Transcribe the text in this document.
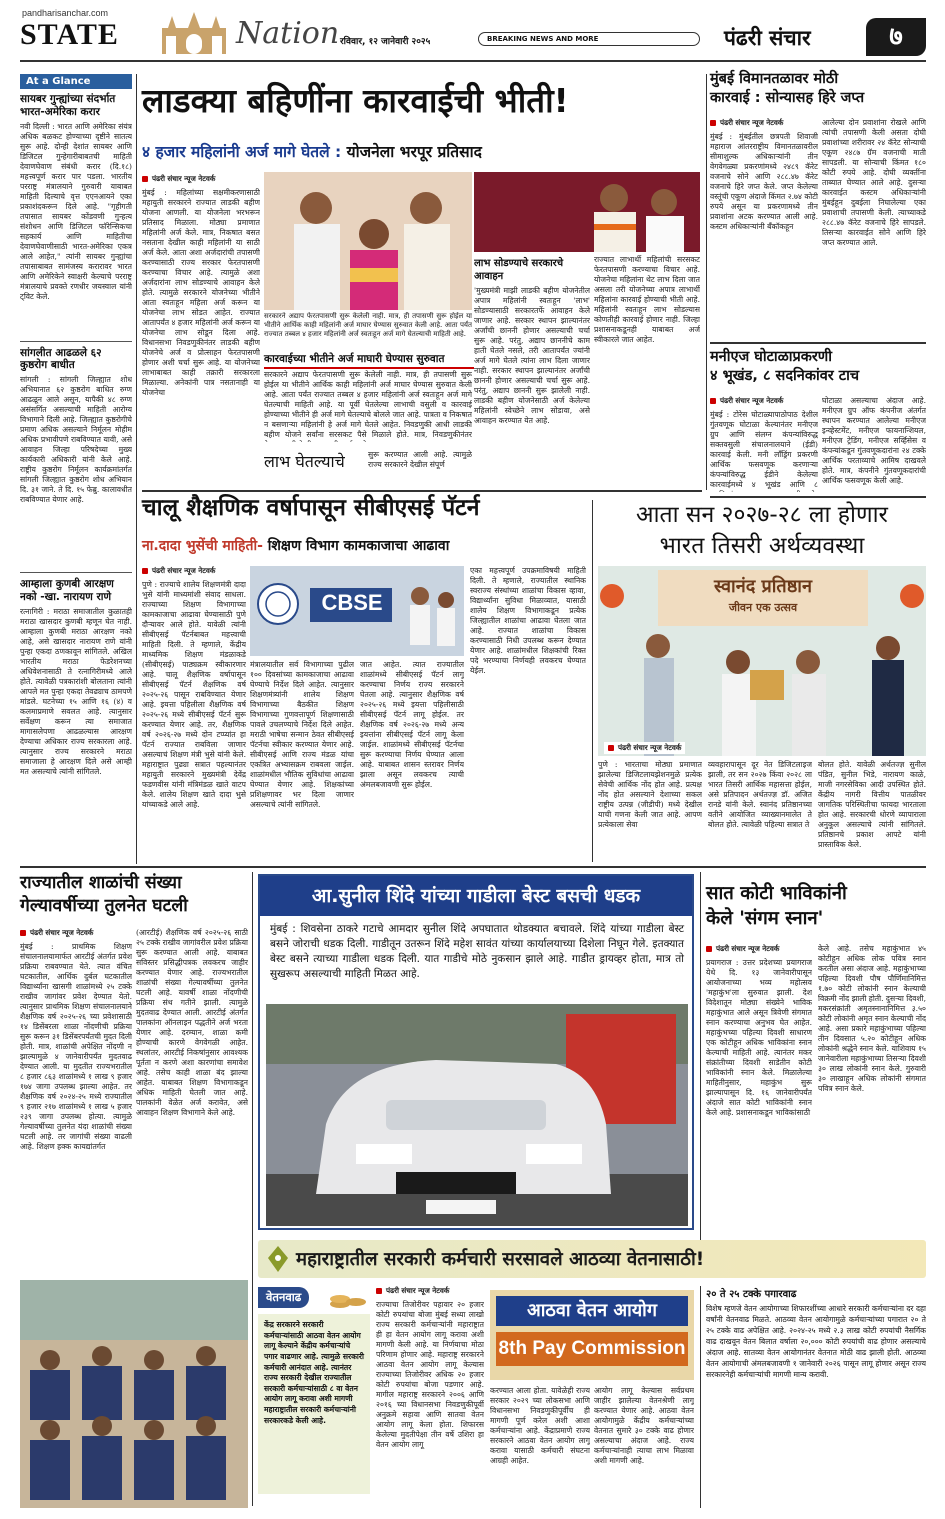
pandharisanchar.com
STATE	Nation रविवार, १२ जानेवारी २०२५	BREAKING NEWS AND MORE	पंढरी संचार	७
At a Glance
सायबर गुन्ह्यांच्या संदर्भात भारत-अमेरिका करार
नवी दिल्ली : भारत आणि अमेरिका संयंत्र अधिक बळकट होण्याच्या दृष्टीने सातत्य सुरू आहे. दोन्ही देशांत सायबर आणि डिजिटल गुन्हेगारीबाबतची माहिती देवाणघेवाण संबंधी करार (दि.१८) महत्त्वपूर्ण करार पार पडला. भारतीय परराष्ट्र मंत्रालयाने गुरुवारी याबाबत माहिती दिल्याचे वृत्त एएनआयने एका प्रकाशंदकरून दिले आहे. "गृहीगती तपासात सायबर कोंडवणी गुन्हत्य संशोधन आणि डिजिटल फॉरेन्सिकचा सहकार्य आणि माहितीचा देवाणघेवाणीसाठी भारत-अमेरिका एकत्र आले आहेत," त्यांनी सायबर गुन्ह्यांचा तपासाबाबत सामंजस्य करारावर भारत आणि अमेरिकेने स्वाक्षरी केल्याचे परराष्ट्र मंत्रालयाचे प्रवक्ते रणधीर जयस्वाल यांनी ट्विट केले.
सांगलीत आढळले ६२ कुष्ठरोग बाधीत
सांगली : सांगली जिल्ह्यात शोध अभियानात ६२ कुष्ठरोग बाधित रुग्ण आढळून आले असून, यापैकी ४८ रुग्ण असंसर्गित असल्याची माहिती आरोग्य विभागाने दिली आहे. जिल्ह्यात कुष्ठरोगीचे प्रमाण अधिक असल्याने निर्मूलन मोहीम अधिक प्रभावीपणे राबविण्यात यावी, असे आवाहन जिल्हा परिषदेच्या मुख्य कार्यकारी अधिकारी यांनी केले आहे. राष्ट्रीय कुष्ठरोग निर्मूलन कार्यक्रमांतर्गत सांगली जिल्ह्यात कुष्ठरोग शोध अभियान दि. ३१ जाने. ते दि. १५ फेब्रु. कालावधीत राबविण्यात येणार आहे.
आम्हाला कुणबी आरक्षण नको -खा. नारायण राणे
रत्नागिरी : मराठा समाजातील कुळातही मराठा खासदार कुणबी म्हणून घेत नाही. आम्हाला कुणबी मराठा आरक्षण नको आहे, असे खासदार नारायण राणे यांनी पुन्हा एकदा ठणकावून सांगितले. अखिल भारतीय मराठा फेडरेशनच्या अधिवेशनासाठी ते रत्नागिरीमध्ये आले होते. त्यावेळी पत्रकारांशी बोलताना त्यांनी आपले मत पुन्हा एकदा तेवढ्याच ठामपणे मांडले. घटनेच्या १५ आणि १६ (४) व कलमाप्रमाणे सवलत आहे. त्यानुसार सर्वेक्षण करून त्या समाजात मागासलेपणा आढळल्यास आरक्षण देण्याचा अधिकार राज्य सरकारला आहे. त्यानुसार राज्य सरकारने मराठा समाजाला हे आरक्षण दिले असे आम्ही मत असल्याचे त्यांनी सांगितले.
लाडक्या बहिणींना कारवाईची भीती!
४ हजार महिलांनी अर्ज मागे घेतले : योजनेला भरपूर प्रतिसाद
पंढरी संचार न्यूज नेटवर्क
मुंबई : महिलांच्या सक्षमीकरणासाठी महायुती सरकारने राज्यात लाडकी बहीण योजना आणली. या योजनेला भरभरून प्रतिसाद मिळाला. मोठ्या प्रमाणात महिलांनी अर्ज केले. मात्र, निकषात बसत नसताना देखील काही महिलांनी या साठी अर्ज केले. आता अशा अर्जदारांची तपासणी करण्यासाठी राज्य सरकार फेरतपासणी करण्याचा विचार आहे. त्यामुळे अशा अर्जदारांना लाभ सोडण्याचे आवाहन केले होते. त्यामुळे सरकारने योजनेच्या भीतीने आता स्वतःहून महिला अर्ज करून या योजनेचा लाभ सोडत आहेत. राज्यात आतापर्यंत ४ हजार महिलांनी अर्ज करून या योजनेचा लाभ सोडून दिला आहे. विधानसभा निवडणुकीनंतर लाडकी बहीण योजनेचे अर्ज व प्रोत्साहन फेरतपासणी होणार अशी चर्चा सुरू आहे. या योजनेच्या लाभाबाबत काही तक्रारी सरकारला मिळाल्या. अनेकांनी पात्र नसतानाही या योजनेचा
लाभ सोडण्याचे सरकारचे आवाहन
'मुख्यमंत्री माझी लाडकी बहीण योजनेतील अपात्र महिलांनी स्वतःहून 'लाभ' सोडण्यासाठी सरकारतर्फे आवाहन केले जाणार आहे. सरकार स्थापन झाल्यानंतर अर्जांची छाननी होणार असल्याची चर्चा सुरू आहे. परंतु, अद्याप छाननीचे काम हाती घेतले नसले, तरी आतापर्यंत ज्यांनी अर्ज मागे घेतले त्यांना लाभ दिला जाणार नाही. सरकार स्थापन झाल्यानंतर अर्जांची छाननी होणार असल्याची चर्चा सुरू आहे. परंतु, अद्याप छाननी सुरू झालेली नाही. लाडकी बहीण योजनेसाठी अर्ज केलेल्या महिलांनी स्वेच्छेने लाभ सोडावा, असे आवाहन करण्यात येत आहे.
राज्यात लाभार्थी महिलांची सरसकट फेरतपासणी करण्याचा विचार आहे. योजनेचा महिलांना थेट लाभ दिला जात असला तरी योजनेच्या अपात्र लाभार्थी महिलांना कारवाई होण्याची भीती आहे. महिलांनी स्वतःहून लाभ सोडल्यास कोणतीही कारवाई होणार नाही. जिल्हा प्रशासनाकडूनही याबाबत अर्ज स्वीकारले जात आहेत.
सरकारने अद्याप फेरतपासणी सुरू केलेली नाही. मात्र, ही तपासणी सुरू होईल या भीतीने आर्थिक काही महिलांनी अर्ज माघार घेण्यास सुरुवात केली आहे. आता पर्यंत राज्यात तब्बल ४ हजार महिलांनी अर्ज स्वतःहून अर्ज मागे घेतल्याची माहिती आहे.
कारवाईच्या भीतीने अर्ज माघारी घेण्यास सुरुवात
सरकारने अद्याप फेरतपासणी सुरू केलेली नाही. मात्र, ही तपासणी सुरू होईल या भीतीने आर्थिक काही महिलांनी अर्ज माघार घेण्यास सुरुवात केली आहे. आता पर्यंत राज्यात तब्बल ४ हजार महिलांनी अर्ज स्वतःहून अर्ज मागे घेतल्याची माहिती आहे. या पूर्वी घेतलेल्या लाभाची वसुली व कारवाई होण्याच्या भीतीने ही अर्ज मागे घेतल्याचे बोलले जात आहे. पात्रता व निकषात न बसणाऱ्या महिलांनी हे अर्ज मागे घेतले आहेत. निवडणुकी आधी लाडकी बहीण योजने सर्वांना सरसकट पैसे मिळाले होते. मात्र, निवडणुकीनंतर
लाभ घेतल्याचे	सुरू करण्यात आली आहे. त्यामुळे राज्य सरकारने देखील संपूर्ण
मुंबई विमानतळावर मोठी
कारवाई : सोन्यासह हिरे जप्त
पंढरी संचार न्यूज नेटवर्क
मुंबई : मुंबईतील छत्रपती शिवाजी महाराज आंतरराष्ट्रीय विमानतळावरील सीमाशुल्क अधिकाऱ्यांनी तीन वेगवेगळ्या प्रकरणांमध्ये २४८९ कॅरेट वजनाचे सोने आणि २८८.४७ कॅरेट वजनाचे हिरे जप्त केले. जप्त केलेल्या वस्तूंची एकूण अंदाजे किंमत २.७४ कोटी रुपये असून या प्रकरणामध्ये तीन प्रवाशांना अटक करण्यात आली आहे. कस्टम अधिकाऱ्यांनी बँकॉकहून
आलेल्या दोन प्रवाशांना रोखले आणि त्यांची तपासणी केली असता दोघी प्रवाशांच्या शरीरावर २४ कॅरेट सोन्याची एकूण २४८७ ग्रॅम वजनाची माती सापडली. या सोन्याची किंमत १८० कोटी रुपये आहे. दोघी व्यक्तींना ताब्यात घेण्यात आले आहे. दुसऱ्या कारवाईत कस्टम अधिकाऱ्यांनी मुंबईहून दुबईला निघालेल्या एका प्रवाशाची तपासणी केली. त्याच्याकडे २८८.४७ कॅरेट वजनाचे हिरे सापडले. तिसऱ्या कारवाईत सोने आणि हिरे जप्त करण्यात आले.
मनीएज घोटाळाप्रकरणी
४ भूखंड, ८ सदनिकांवर टाच
पंढरी संचार न्यूज नेटवर्क
मुंबई : टोरेस घोटाळ्यापाठोपाठ देशील गुंतवणूक घोटाळा केल्यानंतर मनीएज ग्रुप आणि संलग्न कंपन्यांविरुद्ध सक्तवसुली संचालनालयाने (ईडी) कारवाई केली. मनी लाँड्रिंग प्रकरणी आर्थिक फसवणूक करणाऱ्या कंपन्यांविरुद्ध ईडीने केलेल्या कारवाईमध्ये ४ भूखंड आणि ८
घोटाळा असल्याचा अंदाज आहे. मनीएज ग्रुप ऑफ कंपनीज अंतर्गत स्थापन करण्यात आलेल्या मनीएज इन्व्हेस्टमेंट, मनीएज फायनान्शियल, मनीएज ट्रेडिंग, मनीएज सर्व्हिसेस व कंपन्यांकडून गुंतवणूकदारांना २४ टक्के आर्थिक परताव्याचे आमिष दाखवले होते. मात्र, कंपनीने गुंतवणूकदारांची आर्थिक फसवणूक केली आहे.
चालू शैक्षणिक वर्षापासून सीबीएसई पॅटर्न
ना.दादा भुसेंची माहिती- शिक्षण विभाग कामकाजाचा आढावा
पंढरी संचार न्यूज नेटवर्क
पुणे : राज्याचे शालेय शिक्षणमंत्री दादा भुसे यांनी माध्यमांशी संवाद साधला. राज्याच्या शिक्षण विभागाच्या कामकाजाचा आढावा घेण्यासाठी पुणे दौऱ्यावर आले होते. यावेळी त्यांनी सीबीएसई पॅटर्नबाबत महत्त्वाची माहिती दिली. ते म्हणाले, केंद्रीय माध्यमिक शिक्षण मंडळाकडे (सीबीएसई) पाठ्यक्रम स्वीकारणार आहे. चालू शैक्षणिक वर्षापासून सीबीएसई पॅटर्न शैक्षणिक वर्ष २०२५-२६ पासून राबविण्यात येणार आहे. इयत्ता पहिलीला शैक्षणिक वर्ष २०२५-२६ मध्ये सीबीएसई पॅटर्न सुरू करण्यात येणार आहे. तर, शैक्षणिक वर्ष २०२६-२७ मध्ये दोन टप्प्यांत हा पॅटर्न राज्यात राबविला जाणार असल्याचं शिक्षण मंत्री भुसे यांनी केले. महाराष्ट्रात पुढ्या सत्रात पहल्यानंतर महायुती सरकारने मुख्यमंत्री देवेंद्र फडणवीस यांनी मंत्रिमंडळ खाते वाटप केले. शालेय शिक्षण खाते दादा भुसे यांच्याकडे आले आहे.
CBSE
मंत्रालयातील सर्व विभागाच्या पुढील १०० दिवसांच्या कामकाजाचा आढावा घेण्याचे निर्देश दिले आहेत. त्यानुसार शिक्षणमंत्र्यांनी शालेय शिक्षण विभागाच्या बैठकीत शिक्षण विभागाच्या गुणवत्तापूर्ण शिक्षणासाठी पावले उचलण्याचे निर्देश दिले आहेत. मराठी भाषेचा सन्मान ठेवत सीबीएसई पॅटर्नचा स्वीकार करण्यात येणार आहे. सीबीएसई आणि राज्य मंडळ यांचा एकत्रित अभ्यासक्रम राबवला जाईल. शाळांमधील भौतिक सुविधांचा आढावा घेण्यात येणार आहे. शिक्षकांच्या प्रशिक्षणावर भर दिला जाणार असल्याचे त्यांनी सांगितले.
जात आहेत. त्यात राज्यातील शाळांमध्ये सीबीएसई पॅटर्न लागू करण्याचा निर्णय राज्य सरकारने घेतला आहे. त्यानुसार शैक्षणिक वर्ष २०२५-२६ मध्ये इयत्ता पहिलीसाठी सीबीएसई पॅटर्न लागू होईल. तर शैक्षणिक वर्ष २०२६-२७ मध्ये अन्य इयत्तांना सीबीएसई पॅटर्न लागू केला जाईल. शाळांमध्ये सीबीएसई पॅटर्नचा सुरू करण्याचा निर्णय घेण्यात आला आहे. याबाबत शासन स्तरावर निर्णय झाला असून लवकरच त्याची अंमलबजावणी सुरू होईल.
एका महत्त्वपूर्ण उपक्रमाविषयी माहिती दिली. ते म्हणाले, राज्यातील स्थानिक स्वराज्य संस्थांच्या शाळांचा विकास व्हावा, विद्यार्थ्यांना सुविधा मिळाव्यात, यासाठी शालेय शिक्षण विभागाकडून प्रत्येक जिल्ह्यातील शाळांचा आढावा घेतला जात आहे. राज्यात शाळांचा विकास करण्यासाठी निधी उपलब्ध करून देण्यात येणार आहे. शाळांमधील शिक्षकांची रिक्त पदे भरण्याचा निर्णयही लवकरच घेण्यात येईल.
आता सन २०२७-२८ ला होणार
भारत तिसरी अर्थव्यवस्था
स्वानंद प्रतिष्ठान
जीवन एक उत्सव
पंढरी संचार न्यूज नेटवर्क
पुणे : भारताचा मोठ्या प्रमाणात झालेल्या डिजिटलायझेशनमुळे प्रत्येक सेवेची आर्थिक नोंद होत आहे. प्रत्यक्ष नोंद होत असल्याने देशाच्या सकल राष्ट्रीय उत्पन्न (जीडीपी) मध्ये देखील याची गणना केली जात आहे. आपण प्रत्येकाला सेवा
व्यवहारापासून दूर नेत डिजिटलाइज झाली, तर सन २०२७ किंवा २०२८ ला भारत तिसरी आर्थिक महासत्ता होईल, असे प्रतिपादन अर्थतज्ज्ञ डॉ. अजित रानडे यांनी केले. स्वानंद प्रतिष्ठानच्या वतीने आयोजित व्याख्यानमालेत ते बोलत होते. त्यावेळी पहिल्या सत्रात ते
बोलत होते. यावेळी अर्थतज्ज्ञ सुनील पंडित, सुनील भिडे, नारायण काळे, माजी नगरसेविका आदी उपस्थित होते. केंद्रीय नागरी वित्तीय पातळीवर जागतिक परिस्थितीचा फायदा भारताला होत आहे. सरकारची धोरणे व्यापाराला अनुकूल असल्याचे त्यांनी सांगितले. प्रतिष्ठानचे प्रकाश आपटे यांनी प्रास्ताविक केले.
राज्यातील शाळांची संख्या
गेल्यावर्षीच्या तुलनेत घटली
पंढरी संचार न्यूज नेटवर्क
मुंबई : प्राथमिक शिक्षण संचालनालयामार्फत आरटीई अंतर्गत प्रवेश प्रक्रिया राबवण्यात येते. त्यात वंचित घटकातील, आर्थिक दुर्बल घटकातील विद्यार्थ्यांना खासगी शाळांमध्ये २५ टक्के राखीव जागांवर प्रवेश देण्यात येतो. त्यानुसार प्राथमिक शिक्षण संचालनालयाने शैक्षणिक वर्ष २०२५-२६ च्या प्रवेशासाठी १४ डिसेंबरला शाळा नोंदणीची प्रक्रिया सुरू करून ३१ डिसेंबरपर्यंतची मुदत दिली होती. मात्र, शाळांची अपेक्षित नोंदणी न झाल्यामुळे ४ जानेवारीपर्यंत मुदतवाढ देण्यात आली. या मुदतीत राज्यभरातील ८ हजार ८६३ शाळांमध्ये १ लाख ९ हजार १७४ जागा उपलब्ध झाल्या आहेत. तर शैक्षणिक वर्ष २०२४-२५ मध्ये राज्यातील ९ हजार २१७ शाळांमध्ये १ लाख ५ हजार २३९ जागा उपलब्ध होत्या. त्यामुळे गेल्यावर्षीच्या तुलनेत यंदा शाळांची संख्या घटली आहे. तर जागांची संख्या वाढली आहे. शिक्षण हक्क कायद्यांतर्गत
(आरटीई) शैक्षणिक वर्ष २०२५-२६ साठी २५ टक्के राखीव जागांवरील प्रवेश प्रक्रिया सुरू करण्यात आली आहे. याबाबत सविस्तर प्रसिद्धीपत्रक लवकरच जाहीर करण्यात येणार आहे. राज्यभरातील शाळांची संख्या गेल्यावर्षीच्या तुलनेत घटली आहे. यावर्षी शाळा नोंदणीची प्रक्रिया संथ गतीने झाली. त्यामुळे मुदतवाढ देण्यात आली. आरटीई अंतर्गत पालकांना ऑनलाइन पद्धतीने अर्ज भरता येणार आहे. दरम्यान, शाळा कमी होण्याची कारणे वेगवेगळी आहेत. स्थलांतर, आरटीई निकषांनुसार आवश्यक पूर्तता न करणे अशा कारणांचा समावेश आहे. तसेच काही शाळा बंद झाल्या आहेत. याबाबत शिक्षण विभागाकडून अधिक माहिती घेतली जात आहे. पालकांनी वेळेत अर्ज करावेत, असे आवाहन शिक्षण विभागाने केले आहे.
आ.सुनील शिंदे यांच्या गाडीला बेस्ट बसची धडक
मुंबई : शिवसेना ठाकरे गटाचे आमदार सुनील शिंदे अपघातात थोडक्यात बचावले. शिंदे यांच्या गाडीला बेस्ट बसने जोराची धडक दिली. गाडीतून उतरून शिंदे महेश सावंत यांच्या कार्यालयाच्या दिशेला निघून गेले. इतक्यात बेस्ट बसने त्याच्या गाडीला धडक दिली. यात गाडीचे मोठे नुकसान झाले आहे. गाडीत ड्रायव्हर होता, मात्र तो सुखरूप असल्याची माहिती मिळत आहे.
सात कोटी भाविकांनी
केले 'संगम स्नान'
पंढरी संचार न्यूज नेटवर्क
प्रयागराज : उत्तर प्रदेशच्या प्रयागराज येथे दि. १३ जानेवारीपासून आयोजनाच्या भव्य महोत्सव 'महाकुंभ'ला सुरुवात झाली. देश विदेशातून मोठ्या संख्येने भाविक महाकुंभात आले असून त्रिवेणी संगमात स्नान करण्याचा अनुभव घेत आहेत. महाकुंभच्या पहिल्या दिवशी साधारण एक कोटीहून अधिक भाविकांना स्नान केल्याची माहिती आहे. त्यानंतर मकर संक्रांतीच्या दिवशी साडेतीन कोटी भाविकांनी स्नान केले. मिळालेल्या माहितीनुसार, महाकुंभ सुरू झाल्यापासून दि. १६ जानेवारीपर्यंत अंदाजे सात कोटी भाविकांनी स्नान केले आहे. प्रशासनाकडून भाविकांसाठी
केले आहे. तसेच महाकुंभात ४५ कोटीहून अधिक लोक पवित्र स्नान करतील असा अंदाज आहे. महाकुंभाच्या पहिल्या दिवशी पौष पौर्णिमानिमित्त १.७० कोटी लोकांनी स्नान केल्याची विक्रमी नोंद झाली होती. दुसऱ्या दिवशी, मकरसंक्रांती अमृतस्नानानिमित्त ३.५० कोटी लोकांनी अमृत स्नान केल्याची नोंद आहे. असा प्रकारे महाकुंभाच्या पहिल्या तीन दिवसात ५.२० कोटीहून अधिक लोकांनी श्रद्धेने स्नान केले. याशिवाय १५ जानेवारीला महाकुंभाच्या तिसऱ्या दिवशी ३० लाख लोकांनी स्नान केले. गुरुवारी ३० लाखाहून अधिक लोकांनी संगमात पवित्र स्नान केले.
महाराष्ट्रातील सरकारी कर्मचारी सरसावले आठव्या वेतनासाठी!
वेतनवाढ
केंद्र सरकारने सरकारी कर्मचाऱ्यांसाठी आठवा वेतन आयोग लागू केल्याने केंद्रीय कर्मचाऱ्यांचे पगार वाढणार आहे. त्यामुळे सरकारी कर्मचारी आनंदात आहे. त्यानंतर राज्य सरकारी देखील राज्यातील सरकारी कर्मचाऱ्यांसाठी ८ वा वेतन आयोग लागू करावा अशी मागणी महाराष्ट्रातील सरकारी कर्मचाऱ्यांनी सरकारकडे केली आहे.
पंढरी संचार न्यूज नेटवर्क
राज्याचा तिजोरीवर पहावार २० हजार कोटी रुपयांचा बोजा मुंबई सध्या लाखो राज्य सरकारी कर्मचाऱ्यांनी महाराष्ट्रात ही हा वेतन आयोग लागू करावा अशी मागणी केली आहे. या निर्णयाचा मोठा परिणाम होणार आहे. महाराष्ट्र सरकारने आठवा वेतन आयोग लागू केल्यास राज्याच्या तिजोरीवर अधिक २० हजार कोटी रुपयांचा बोजा पडणार आहे. मागील महाराष्ट्र सरकारने २००६ आणि २०१६ च्या विधानसभा निवडणुकीपूर्वी अनुक्रमे सहावा आणि सातवा वेतन आयोग लागू केला होता. शिफारस केलेल्या मुदतीपेक्षा तीन वर्षे उशिरा हा वेतन आयोग लागू
आठवा वेतन आयोग
8th Pay Commission
करण्यात आला होता. यावेळेही राज्य सरकार २०२९ च्या लोकसभा आणि विधानसभा निवडणुकीपूर्वीच ही मागणी पूर्ण करेल अशी आशा कर्मचाऱ्यांना आहे. केंद्राप्रमाणे राज्य सरकारने आठवा वेतन आयोग लागू करावा यासाठी कर्मचारी संघटना आग्रही आहेत.
आयोग लागू केल्यास सर्वप्रथम जाहीर झालेल्या वेतनश्रेणी लागू करण्यात येणार आहे. आठवा वेतन आयोगामुळे केंद्रीय कर्मचाऱ्यांच्या वेतनात सुमारे ३० टक्के वाढ होणार असल्याचा अंदाज आहे. राज्य कर्मचाऱ्यांनाही त्याचा लाभ मिळावा अशी मागणी आहे.
२० ते २५ टक्के पगारवाढ
विशेष म्हणजे वेतन आयोगाच्या शिफारशींच्या आधारे सरकारी कर्मचाऱ्यांना दर दहा वर्षांनी वेतनवाढ मिळते. आठव्या वेतन आयोगामुळे कर्मचाऱ्यांच्या पगारात २० ते २५ टक्के वाढ अपेक्षित आहे. २०२४-२५ मध्ये २.३ लाख कोटी रुपयांची नैसर्गिक वाढ दाखवून वेतन बिलात वर्षाला २०,००० कोटी रुपयांची वाढ होणार असल्याचे अंदाज आहे. सातव्या वेतन आयोगानंतर वेतनात मोठी वाढ झाली होती. आठव्या वेतन आयोगाची अंमलबजावणी १ जानेवारी २०२६ पासून लागू होणार असून राज्य सरकारनेही कर्मचाऱ्यांची मागणी मान्य करावी.
